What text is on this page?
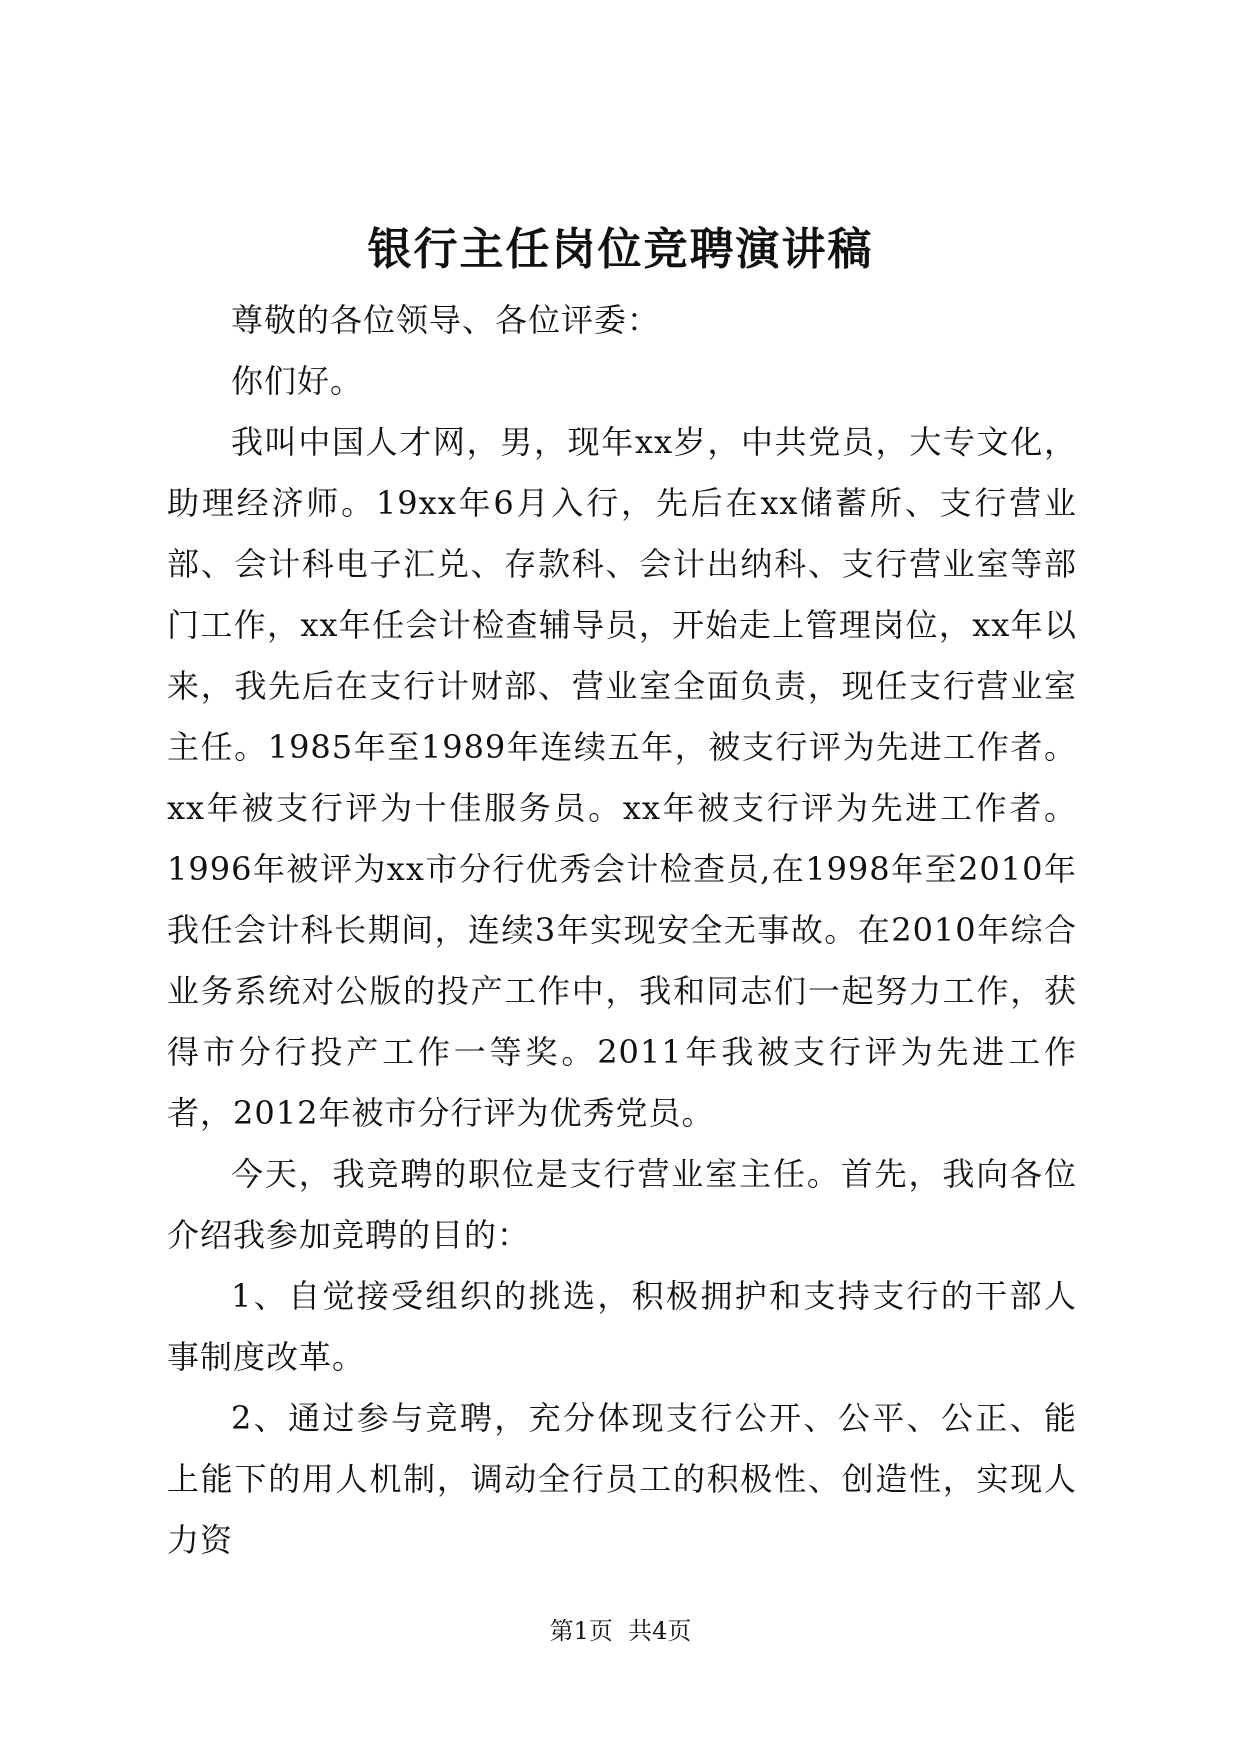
银行主任岗位竞聘演讲稿

尊敬的各位领导、各位评委：

你们好。

我叫中国人才网，男，现年xx岁，中共党员，大专文化，助理经济师。19xx年6月入行，先后在xx储蓄所、支行营业部、会计科电子汇兑、存款科、会计出纳科、支行营业室等部门工作，xx年任会计检查辅导员，开始走上管理岗位，xx年以来，我先后在支行计财部、营业室全面负责，现任支行营业室主任。1985年至1989年连续五年，被支行评为先进工作者。xx年被支行评为十佳服务员。xx年被支行评为先进工作者。1996年被评为xx市分行优秀会计检查员,在1998年至2010年我任会计科长期间，连续3年实现安全无事故。在2010年综合业务系统对公版的投产工作中，我和同志们一起努力工作，获得市分行投产工作一等奖。2011年我被支行评为先进工作者，2012年被市分行评为优秀党员。

今天，我竞聘的职位是支行营业室主任。首先，我向各位介绍我参加竞聘的目的：

1、自觉接受组织的挑选，积极拥护和支持支行的干部人事制度改革。

2、通过参与竞聘，充分体现支行公开、公平、公正、能上能下的用人机制，调动全行员工的积极性、创造性，实现人力资

第1页  共4页
